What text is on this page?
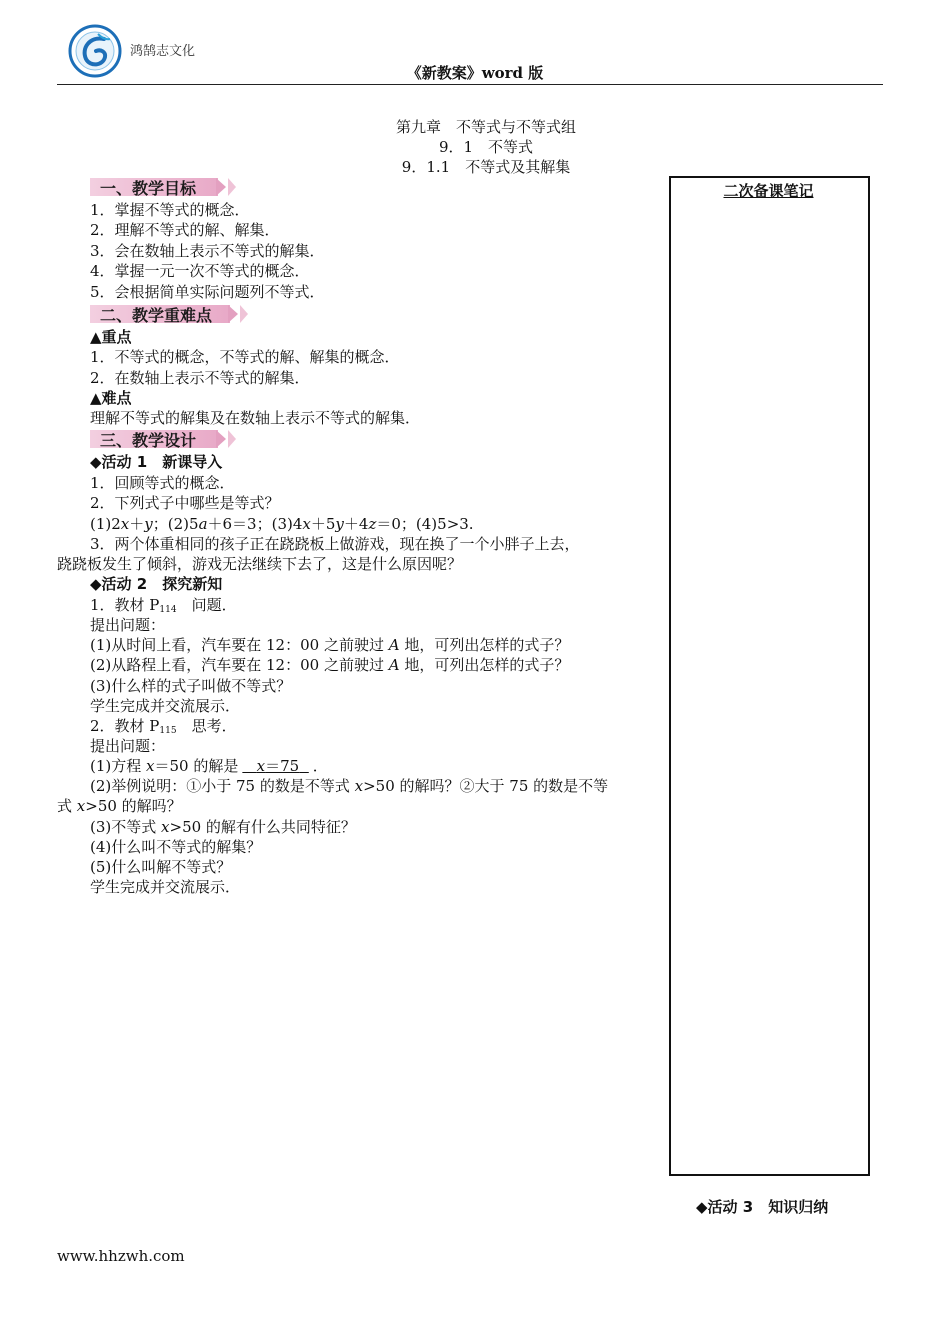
鸿鹄志文化
《新教案》word 版
第九章　不等式与不等式组
9．1　不等式
9．1.1　不等式及其解集
一、教学目标
1．掌握不等式的概念．
2．理解不等式的解、解集．
3．会在数轴上表示不等式的解集．
4．掌握一元一次不等式的概念．
5．会根据简单实际问题列不等式．
二、教学重难点
▲重点
1．不等式的概念，不等式的解、解集的概念．
2．在数轴上表示不等式的解集．
▲难点
理解不等式的解集及在数轴上表示不等式的解集．
三、教学设计
◆活动 1　新课导入
1．回顾等式的概念．
2．下列式子中哪些是等式？
(1)2x＋y；(2)5a＋6＝3；(3)4x＋5y＋4z＝0；(4)5>3.
3．两个体重相同的孩子正在跷跷板上做游戏，现在换了一个小胖子上去，
跷跷板发生了倾斜，游戏无法继续下去了，这是什么原因呢？
◆活动 2　探究新知
1．教材 $P_{114}$　问题．
提出问题：
(1)从时间上看，汽车要在 12：00 之前驶过 A 地，可列出怎样的式子？
(2)从路程上看，汽车要在 12：00 之前驶过 A 地，可列出怎样的式子？
(3)什么样的式子叫做不等式？
学生完成并交流展示．
2．教材 $P_{115}$　思考．
提出问题：
(1)方程 x＝50 的解是 x＝75 ．
(2)举例说明：①小于 75 的数是不等式 x>50 的解吗？②大于 75 的数是不等
式 x>50 的解吗？
(3)不等式 x>50 的解有什么共同特征？
(4)什么叫不等式的解集？
(5)什么叫解不等式？
学生完成并交流展示．
二次备课笔记
◆活动 3　知识归纳
www.hhzwh.com
